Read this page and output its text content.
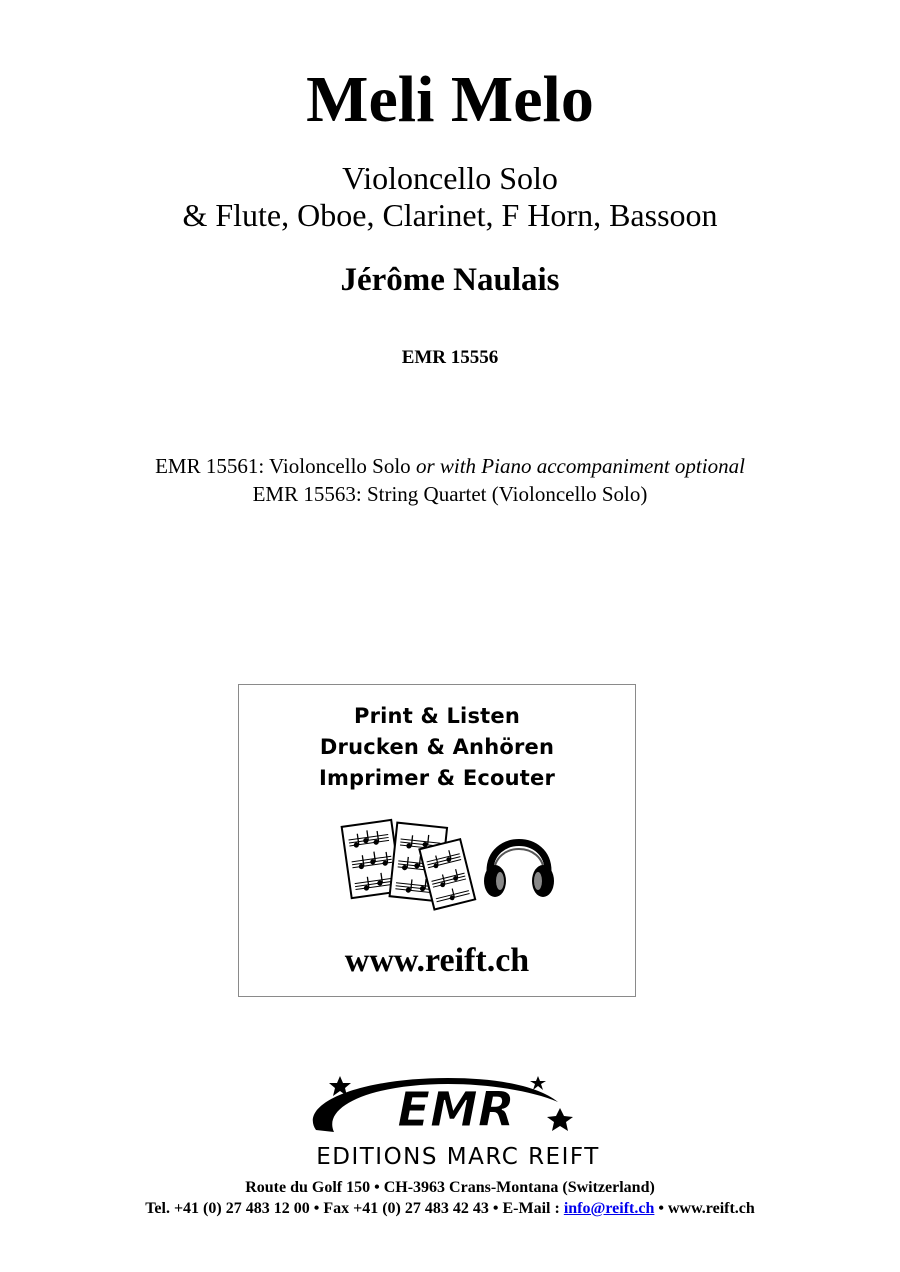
Meli Melo
Violoncello Solo
& Flute, Oboe, Clarinet, F Horn, Bassoon
Jérôme Naulais
EMR 15556
EMR 15561: Violoncello Solo or with Piano accompaniment optional
EMR 15563: String Quartet (Violoncello Solo)
Print & Listen
Drucken & Anhören
Imprimer & Ecouter
www.reift.ch
EMR
EDITIONS MARC REIFT
Route du Golf 150 • CH-3963 Crans-Montana (Switzerland)
Tel. +41 (0) 27 483 12 00 • Fax +41 (0) 27 483 42 43 • E-Mail : info@reift.ch • www.reift.ch
